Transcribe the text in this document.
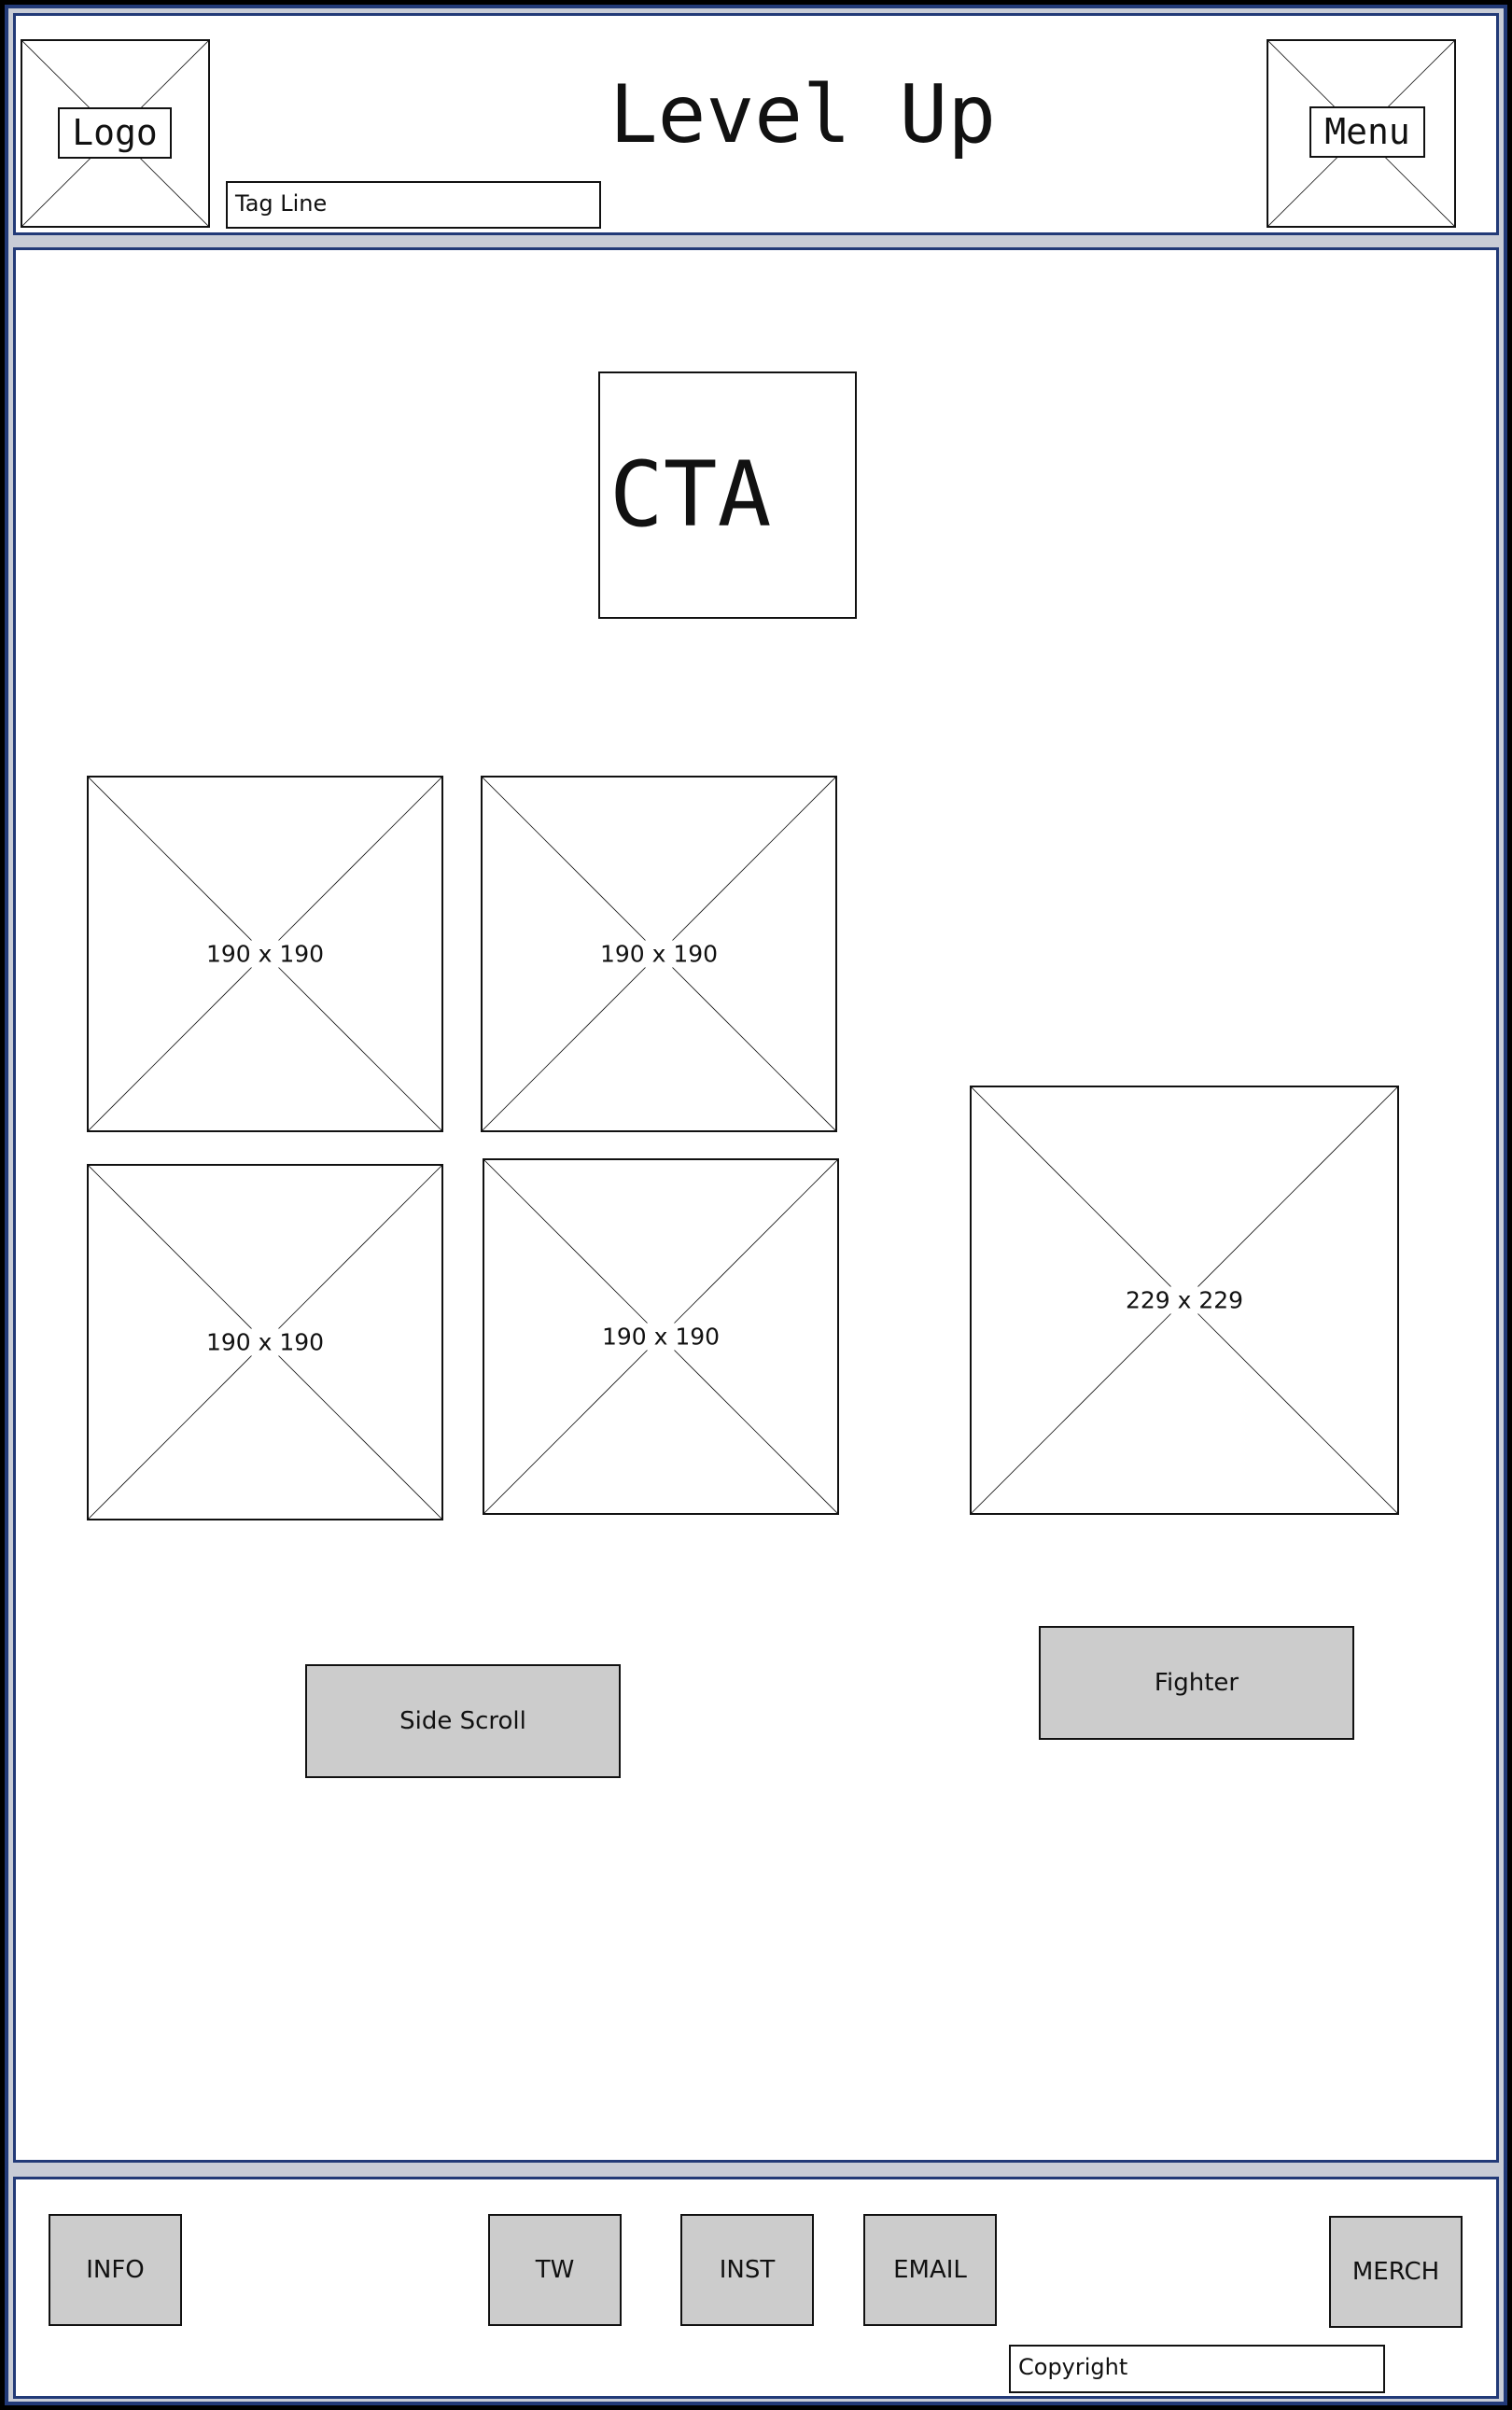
Logo	Level Up
Tag Line
Menu
CTA
190 x 190	190 x 190
190 x 190	190 x 190
229 x 229
Side Scroll
Fighter
INFO	TW	INST	EMAIL	MERCH
Copyright
